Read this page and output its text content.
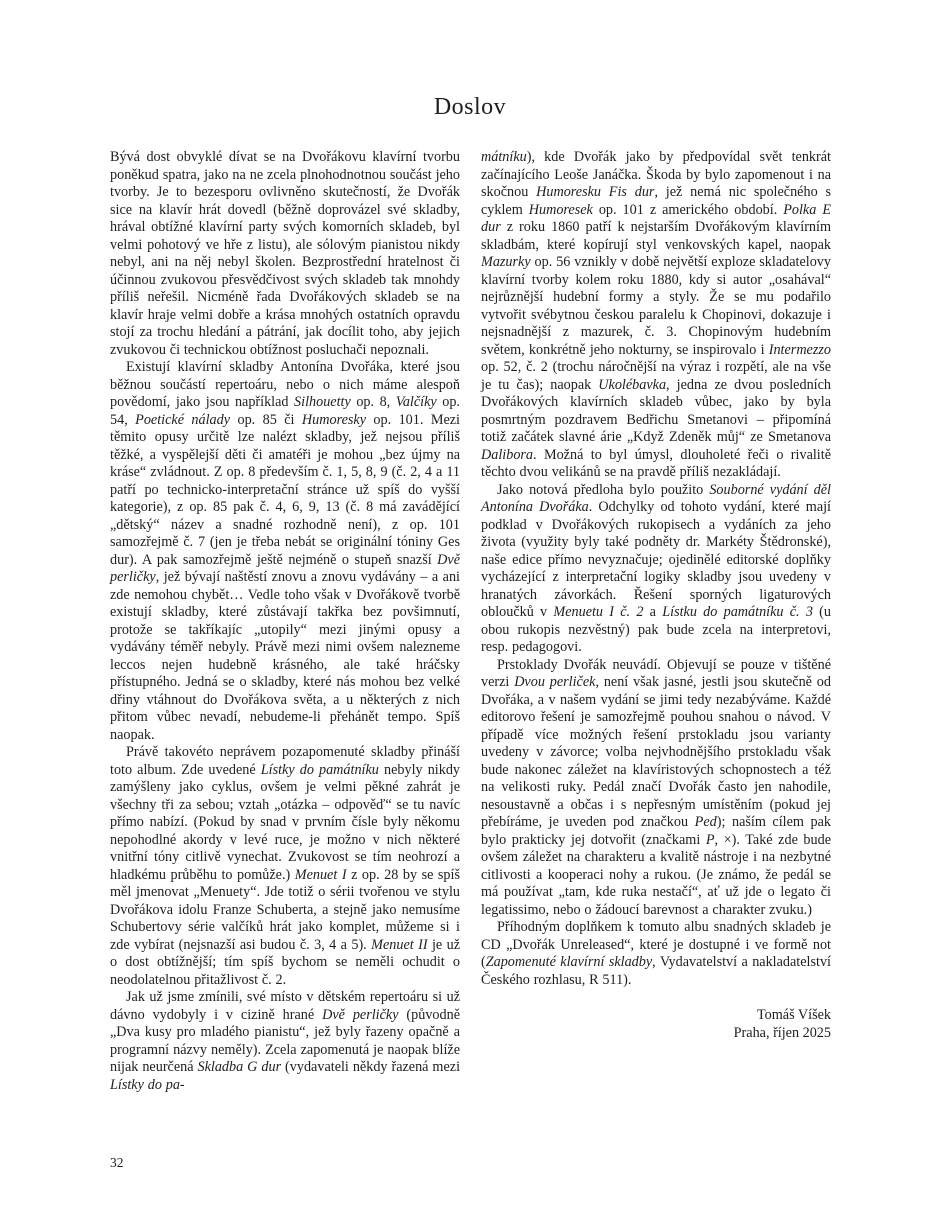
Doslov

Bývá dost obvyklé dívat se na Dvořákovu klavírní tvorbu poněkud spatra, jako na ne zcela plnohodnotnou součást jeho tvorby. Je to bezesporu ovlivněno skutečností, že Dvořák sice na klavír hrát dovedl (běžně doprovázel své skladby, hrával obtížné klavírní party svých komorních skladeb, byl velmi pohotový ve hře z listu), ale sólovým pianistou nikdy nebyl, ani na něj nebyl školen. Bezprostřední hratelnost či účinnou zvukovou přesvědčivost svých skladeb tak mnohdy příliš neřešil. Nicméně řada Dvořákových skladeb se na klavír hraje velmi dobře a krása mnohých ostatních opravdu stojí za trochu hledání a pátrání, jak docílit toho, aby jejich zvukovou či technickou obtížnost posluchači nepoznali.

Existují klavírní skladby Antonína Dvořáka, které jsou běžnou součástí repertoáru, nebo o nich máme alespoň povědomí, jako jsou například Silhouetty op. 8, Valčíky op. 54, Poetické nálady op. 85 či Humoresky op. 101. Mezi těmito opusy určitě lze nalézt skladby, jež nejsou příliš těžké, a vyspělejší děti či amatéři je mohou „bez újmy na kráse“ zvládnout. Z op. 8 především č. 1, 5, 8, 9 (č. 2, 4 a 11 patří po technicko-interpretační stránce už spíš do vyšší kategorie), z op. 85 pak č. 4, 6, 9, 13 (č. 8 má zavádějící „dětský“ název a snadné rozhodně není), z op. 101 samozřejmě č. 7 (jen je třeba nebát se originální tóniny Ges dur). A pak samozřejmě ještě nejméně o stupeň snazší Dvě perličky, jež bývají naštěstí znovu a znovu vydávány – a ani zde nemohou chybět… Vedle toho však v Dvořákově tvorbě existují skladby, které zůstávají takřka bez povšimnutí, protože se takříkajíc „utopily“ mezi jinými opusy a vydávány téměř nebyly. Právě mezi nimi ovšem nalezneme leccos nejen hudebně krásného, ale také hráčsky přístupného. Jedná se o skladby, které nás mohou bez velké dřiny vtáhnout do Dvořákova světa, a u některých z nich přitom vůbec nevadí, nebudeme-li přehánět tempo. Spíš naopak.

Právě takovéto neprávem pozapomenuté skladby přináší toto album. Zde uvedené Lístky do památníku nebyly nikdy zamýšleny jako cyklus, ovšem je velmi pěkné zahrát je všechny tři za sebou; vztah „otázka – odpověď“ se tu navíc přímo nabízí. (Pokud by snad v prvním čísle byly někomu nepohodlné akordy v levé ruce, je možno v nich některé vnitřní tóny citlivě vynechat. Zvukovost se tím neohrozí a hladkému průběhu to pomůže.) Menuet I z op. 28 by se spíš měl jmenovat „Menuety“. Jde totiž o sérii tvořenou ve stylu Dvořákova idolu Franze Schuberta, a stejně jako nemusíme Schubertovy série valčíků hrát jako komplet, můžeme si i zde vybírat (nejsnazší asi budou č. 3, 4 a 5). Menuet II je už o dost obtížnější; tím spíš bychom se neměli ochudit o neodolatelnou přitažlivost č. 2.

Jak už jsme zmínili, své místo v dětském repertoáru si už dávno vydobyly i v cizině hrané Dvě perličky (původně „Dva kusy pro mladého pianistu“, jež byly řazeny opačně a programní názvy neměly). Zcela zapomenutá je naopak blíže nijak neurčená Skladba G dur (vydavateli někdy řazená mezi Lístky do pa-

mátníku), kde Dvořák jako by předpovídal svět tenkrát začínajícího Leoše Janáčka. Škoda by bylo zapomenout i na skočnou Humoresku Fis dur, jež nemá nic společného s cyklem Humoresek op. 101 z amerického období. Polka E dur z roku 1860 patří k nejstarším Dvořákovým klavírním skladbám, které kopírují styl venkovských kapel, naopak Mazurky op. 56 vznikly v době největší exploze skladatelovy klavírní tvorby kolem roku 1880, kdy si autor „osahával“ nejrůznější hudební formy a styly. Že se mu podařilo vytvořit svébytnou českou paralelu k Chopinovi, dokazuje i nejsnadnější z mazurek, č. 3. Chopinovým hudebním světem, konkrétně jeho nokturny, se inspirovalo i Intermezzo op. 52, č. 2 (trochu náročnější na výraz i rozpětí, ale na vše je tu čas); naopak Ukolébavka, jedna ze dvou posledních Dvořákových klavírních skladeb vůbec, jako by byla posmrtným pozdravem Bedřichu Smetanovi – připomíná totiž začátek slavné árie „Když Zdeněk můj“ ze Smetanova Dalibora. Možná to byl úmysl, dlouholeté řeči o rivalitě těchto dvou velikánů se na pravdě příliš nezakládají.

Jako notová předloha bylo použito Souborné vydání děl Antonína Dvořáka. Odchylky od tohoto vydání, které mají podklad v Dvořákových rukopisech a vydáních za jeho života (využity byly také podněty dr. Markéty Štědronské), naše edice přímo nevyznačuje; ojedinělé editorské doplňky vycházející z interpretační logiky skladby jsou uvedeny v hranatých závorkách. Řešení sporných ligaturových obloučků v Menuetu I č. 2 a Lístku do památníku č. 3 (u obou rukopis nezvěstný) pak bude zcela na interpretovi, resp. pedagogovi.

Prstoklady Dvořák neuvádí. Objevují se pouze v tištěné verzi Dvou perliček, není však jasné, jestli jsou skutečně od Dvořáka, a v našem vydání se jimi tedy nezabýváme. Každé editorovo řešení je samozřejmě pouhou snahou o návod. V případě více možných řešení prstokladu jsou varianty uvedeny v závorce; volba nejvhodnějšího prstokladu však bude nakonec záležet na klavíristových schopnostech a též na velikosti ruky. Pedál značí Dvořák často jen nahodile, nesoustavně a občas i s nepřesným umístěním (pokud jej přebíráme, je uveden pod značkou Ped); naším cílem pak bylo prakticky jej dotvořit (značkami P, ×). Také zde bude ovšem záležet na charakteru a kvalitě nástroje i na nezbytné citlivosti a kooperaci nohy a rukou. (Je známo, že pedál se má používat „tam, kde ruka nestačí“, ať už jde o legato či legatissimo, nebo o žádoucí barevnost a charakter zvuku.)

Příhodným doplňkem k tomuto albu snadných skladeb je CD „Dvořák Unreleased“, které je dostupné i ve formě not (Zapomenuté klavírní skladby, Vydavatelství a nakladatelství Českého rozhlasu, R 511).

Tomáš Víšek
Praha, říjen 2025
32
